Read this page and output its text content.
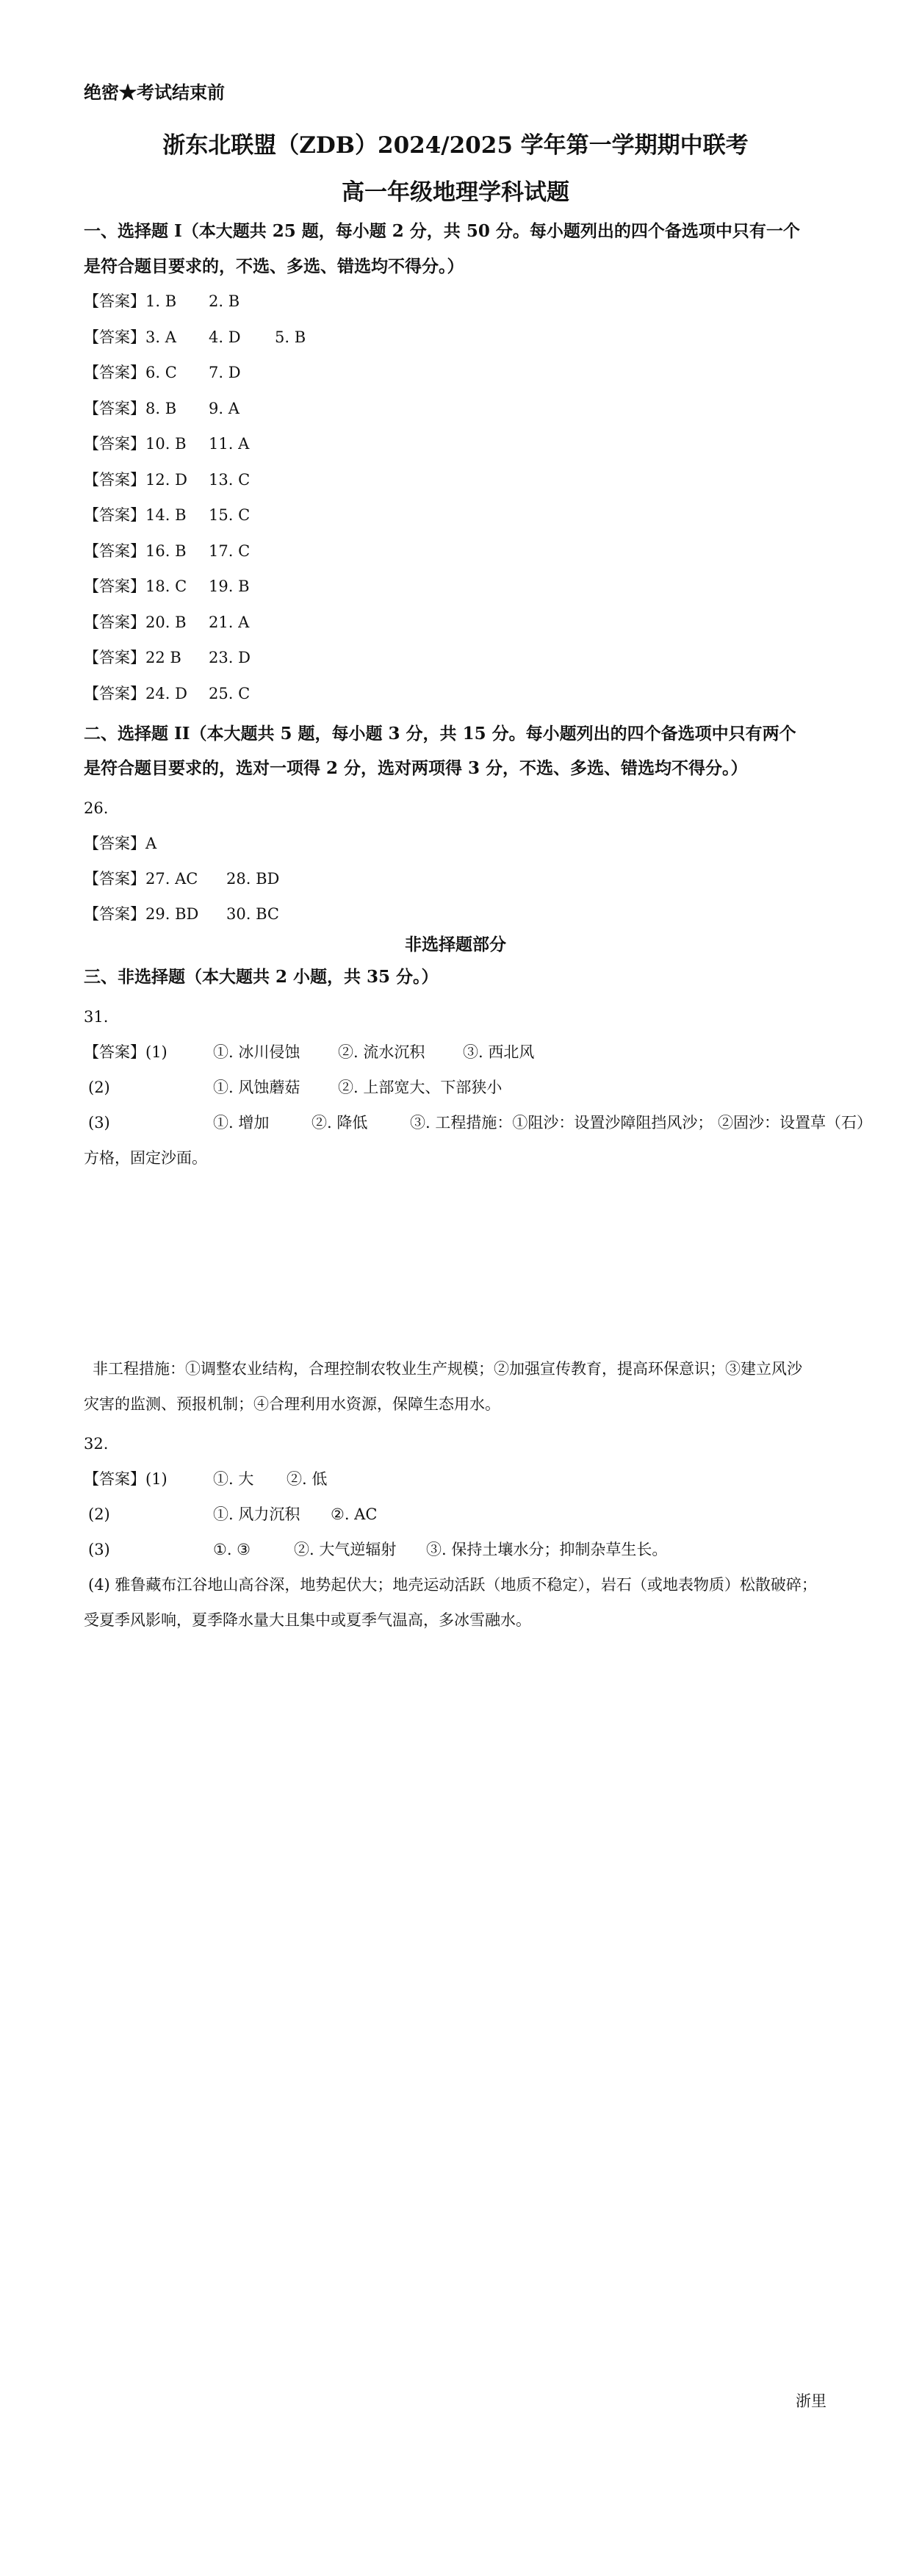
绝密★考试结束前
浙东北联盟（ZDB）2024/2025 学年第一学期期中联考
高一年级地理学科试题
一、选择题 I（本大题共 25 题，每小题 2 分，共 50 分。每小题列出的四个备选项中只有一个
是符合题目要求的，不选、多选、错选均不得分。）
【答案】1. B 2. B
【答案】3. A 4. D 5. B
【答案】6. C 7. D
【答案】8. B 9. A
【答案】10. B 11. A
【答案】12. D 13. C
【答案】14. B 15. C
【答案】16. B 17. C
【答案】18. C 19. B
【答案】20. B 21. A
【答案】22 B 23. D
【答案】24. D 25. C
二、选择题 II（本大题共 5 题，每小题 3 分，共 15 分。每小题列出的四个备选项中只有两个
是符合题目要求的，选对一项得 2 分，选对两项得 3 分，不选、多选、错选均不得分。）
26.
【答案】A
【答案】27. AC 28. BD
【答案】29. BD 30. BC
非选择题部分
三、非选择题（本大题共 2 小题，共 35 分。）
31.
【答案】(1)	①. 冰川侵蚀 ②. 流水沉积 ③. 西北风
(2)	①. 风蚀蘑菇 ②. 上部宽大、下部狭小
(3)	①. 增加	②. 降低	③. 工程措施：①阻沙：设置沙障阻挡风沙； ②固沙：设置草（石）
方格，固定沙面。
非工程措施：①调整农业结构，合理控制农牧业生产规模；②加强宣传教育，提高环保意识；③建立风沙
灾害的监测、预报机制；④合理利用水资源，保障生态用水。
32.
【答案】(1)	①. 大 ②. 低
(2)	①. 风力沉积 ②. AC
(3)	①. ③	②. 大气逆辐射 ③. 保持土壤水分；抑制杂草生长。
(4) 雅鲁藏布江谷地山高谷深，地势起伏大；地壳运动活跃（地质不稳定），岩石（或地表物质）松散破碎；
受夏季风影响，夏季降水量大且集中或夏季气温高，多冰雪融水。
浙里
